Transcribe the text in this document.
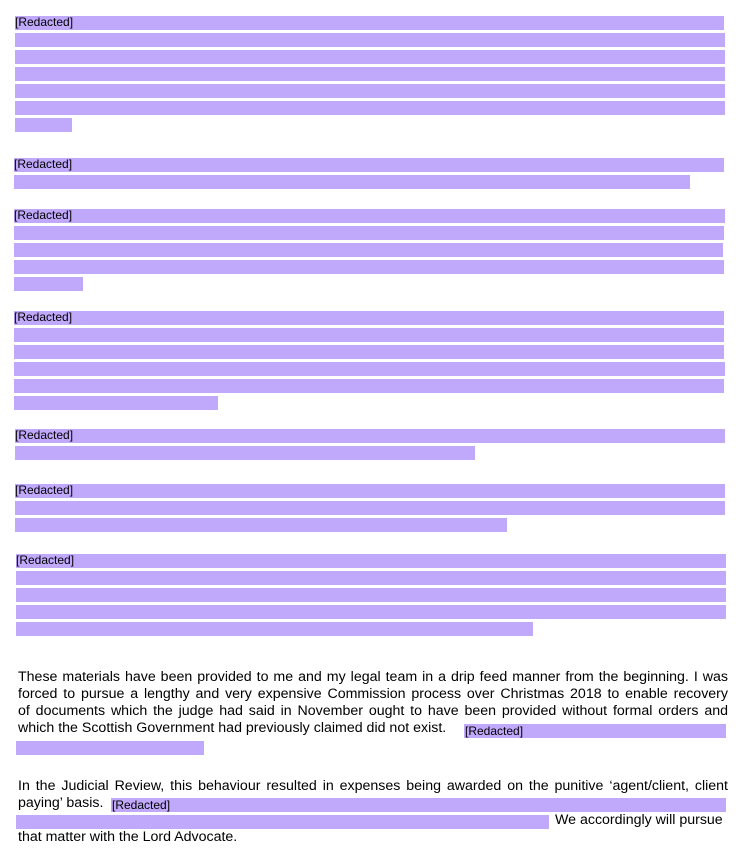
[Redacted]
[Redacted]
[Redacted]
[Redacted]
[Redacted]
[Redacted]
[Redacted]
These materials have been provided to me and my legal team in a drip feed manner from the beginning. I was
forced to pursue a lengthy and very expensive Commission process over Christmas 2018 to enable recovery
of documents which the judge had said in November ought to have been provided without formal orders and
which the Scottish Government had previously claimed did not exist. [Redacted]
In the Judicial Review, this behaviour resulted in expenses being awarded on the punitive ‘agent/client, client
paying’ basis. [Redacted]
We accordingly will pursue
that matter with the Lord Advocate.
